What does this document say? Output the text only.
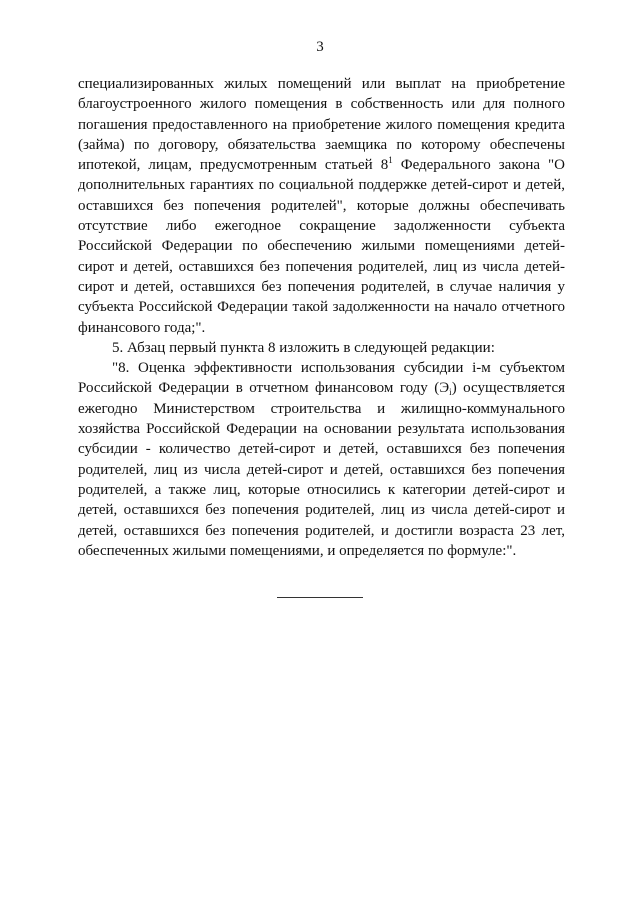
3

специализированных жилых помещений или выплат на приобретение благоустроенного жилого помещения в собственность или для полного погашения предоставленного на приобретение жилого помещения кредита (займа) по договору, обязательства заемщика по которому обеспечены ипотекой, лицам, предусмотренным статьей $8^1$ Федерального закона "О дополнительных гарантиях по социальной поддержке детей-сирот и детей, оставшихся без попечения родителей", которые должны обеспечивать отсутствие либо ежегодное сокращение задолженности субъекта Российской Федерации по обеспечению жилыми помещениями детей-сирот и детей, оставшихся без попечения родителей, лиц из числа детей-сирот и детей, оставшихся без попечения родителей, в случае наличия у субъекта Российской Федерации такой задолженности на начало отчетного финансового года;".

5. Абзац первый пункта 8 изложить в следующей редакции:

"8. Оценка эффективности использования субсидии i-м субъектом Российской Федерации в отчетном финансовом году $(Э_i)$ осуществляется ежегодно Министерством строительства и жилищно-коммунального хозяйства Российской Федерации на основании результата использования субсидии - количество детей-сирот и детей, оставшихся без попечения родителей, лиц из числа детей-сирот и детей, оставшихся без попечения родителей, а также лиц, которые относились к категории детей-сирот и детей, оставшихся без попечения родителей, лиц из числа детей-сирот и детей, оставшихся без попечения родителей, и достигли возраста 23 лет, обеспеченных жилыми помещениями, и определяется по формуле:".
